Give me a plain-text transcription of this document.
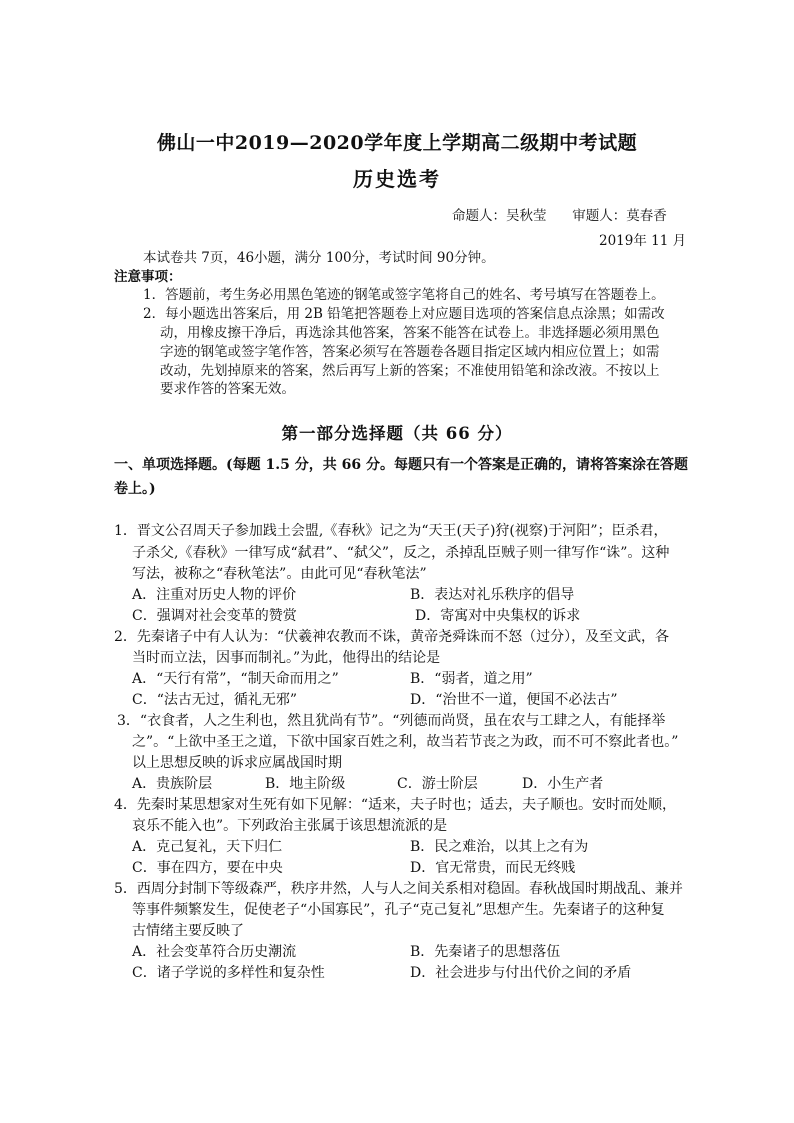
佛山一中2019—2020学年度上学期高二级期中考试题
历史选考
命题人：吴秋莹      审题人：莫春香
2019年 11 月
本试卷共 7页，46小题，满分 100分，考试时间 90分钟。
注意事项：
1．答题前，考生务必用黑色笔迹的钢笔或签字笔将自己的姓名、考号填写在答题卷上。
2．每小题选出答案后，用 2B 铅笔把答题卷上对应题目选项的答案信息点涂黑；如需改
动，用橡皮擦干净后，再选涂其他答案，答案不能答在试卷上。非选择题必须用黑色
字迹的钢笔或签字笔作答，答案必须写在答题卷各题目指定区域内相应位置上；如需
改动，先划掉原来的答案，然后再写上新的答案；不准使用铅笔和涂改液。不按以上
要求作答的答案无效。
第一部分选择题（共 66 分）
一、单项选择题。(每题 1.5 分，共 66 分。每题只有一个答案是正确的，请将答案涂在答题
卷上。)
1．晋文公召周天子参加践土会盟,《春秋》记之为“天王(天子)狩(视察)于河阳”；臣杀君，
子杀父,《春秋》一律写成“弑君”、“弑父”，反之，杀掉乱臣贼子则一律写作“诛”。这种
写法，被称之“春秋笔法”。由此可见“春秋笔法”
A．注重对历史人物的评价	B．表达对礼乐秩序的倡导
C．强调对社会变革的赞赏	D．寄寓对中央集权的诉求
2．先秦诸子中有人认为：“伏羲神农教而不诛，黄帝尧舜诛而不怒（过分），及至文武，各
当时而立法，因事而制礼。”为此，他得出的结论是
A．“天行有常”，“制天命而用之”	B．“弱者，道之用”
C．“法古无过，循礼无邪”	D．“治世不一道，便国不必法古”
3．“衣食者，人之生利也，然且犹尚有节”。“列德而尚贤，虽在农与工肆之人，有能择举
之”。“上欲中圣王之道，下欲中国家百姓之利，故当若节丧之为政，而不可不察此者也。”
以上思想反映的诉求应属战国时期
A．贵族阶层	B．地主阶级	C．游士阶层	D．小生产者
4．先秦时某思想家对生死有如下见解：“适来，夫子时也；适去，夫子顺也。安时而处顺，
哀乐不能入也”。下列政治主张属于该思想流派的是
A．克己复礼，天下归仁	B．民之难治，以其上之有为
C．事在四方，要在中央	D．官无常贵，而民无终贱
5．西周分封制下等级森严，秩序井然，人与人之间关系相对稳固。春秋战国时期战乱、兼并
等事件频繁发生，促使老子“小国寡民”，孔子“克己复礼”思想产生。先秦诸子的这种复
古情绪主要反映了
A．社会变革符合历史潮流	B．先秦诸子的思想落伍
C．诸子学说的多样性和复杂性	D．社会进步与付出代价之间的矛盾
